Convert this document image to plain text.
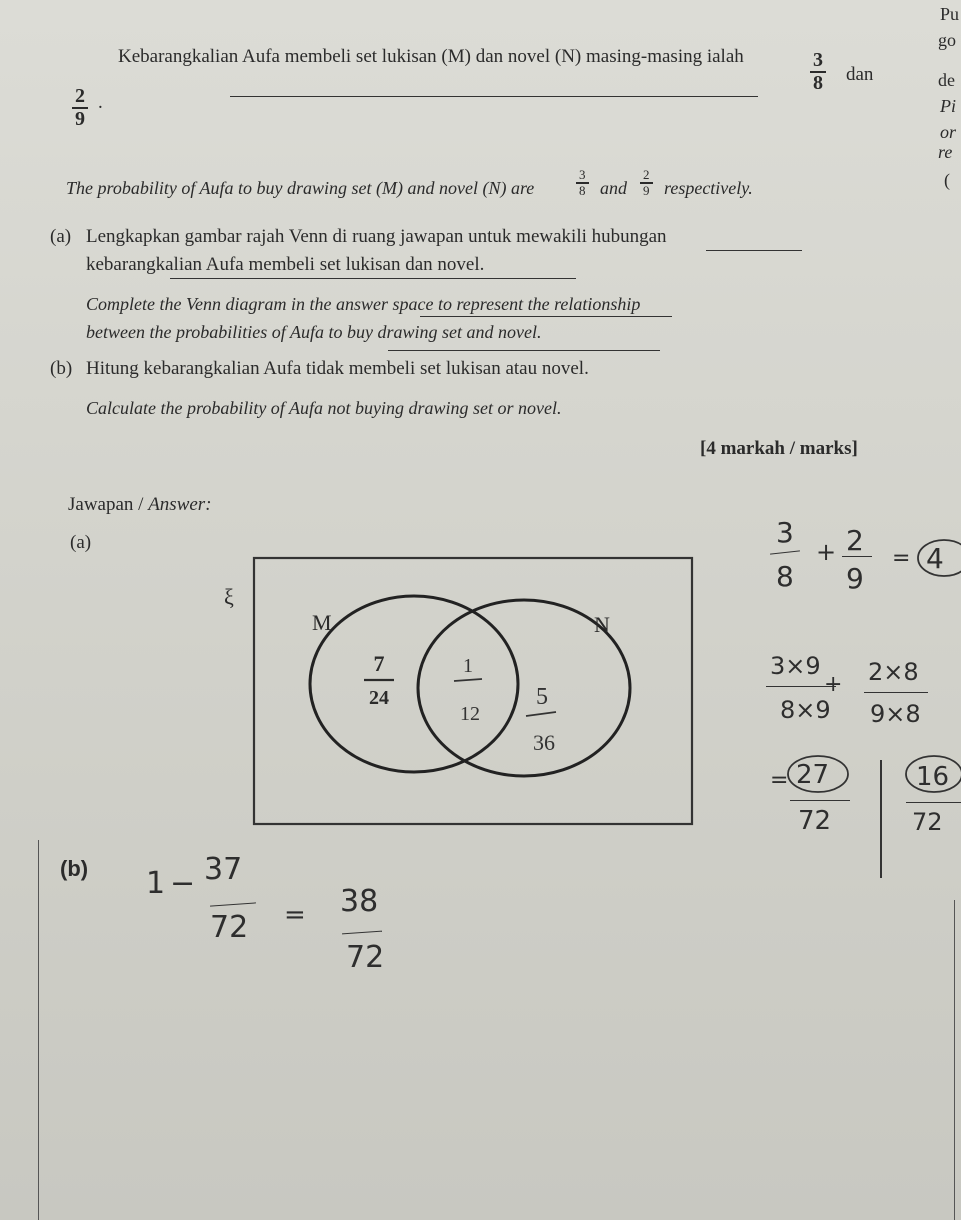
Pu
go
de
Pi
or
re
(
Kebarangkalian Aufa membeli set lukisan (M) dan novel (N) masing-masing ialah	$\frac{3}{8}$ dan
$\frac{2}{9}$ .
The probability of Aufa to buy drawing set (M) and novel (N) are	$\frac{3}{8}$ and $\frac{2}{9}$ respectively.
(a) Lengkapkan gambar rajah Venn di ruang jawapan untuk mewakili hubungan
kebarangkalian Aufa membeli set lukisan dan novel.
Complete the Venn diagram in the answer space to represent the relationship
between the probabilities of Aufa to buy drawing set and novel.
(b) Hitung kebarangkalian Aufa tidak membeli set lukisan atau novel.
Calculate the probability of Aufa not buying drawing set or novel.
[4 markah / marks]
Jawapan / Answer:
(a)
ξ
M	N
7
24
1
12
5
36
3
8
+ 2
9
= 4
3×9
8×9
+ 2×8
9×8
= 27
72
16
72
(b) 1 − 37
72 = 38
72
